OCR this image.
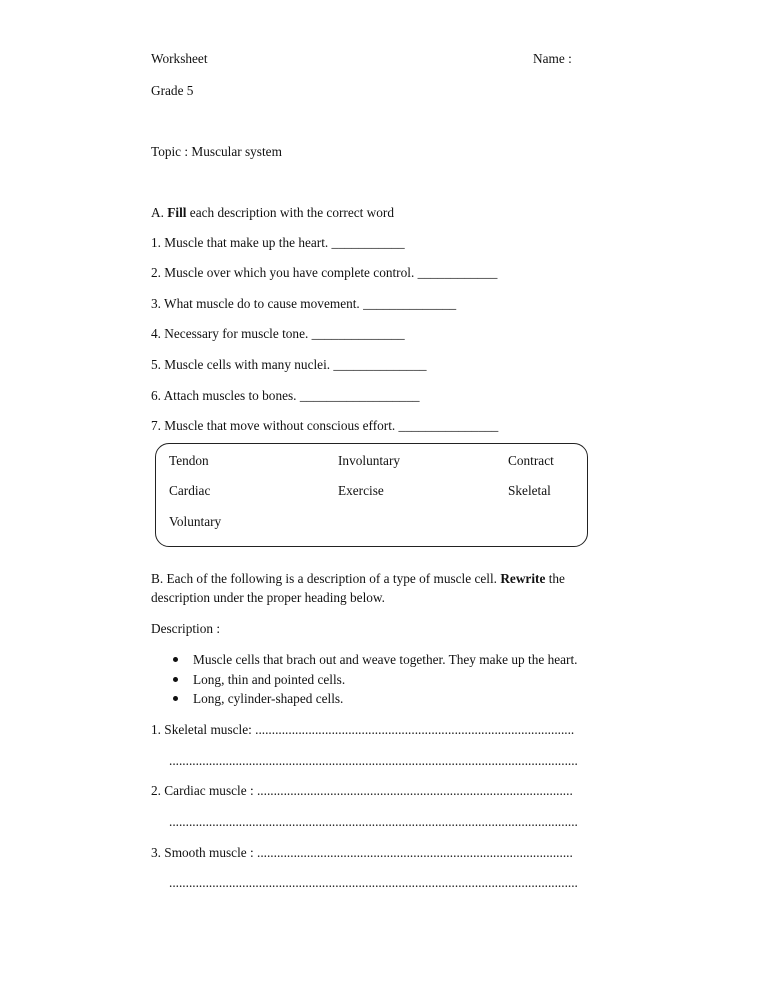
Worksheet	Name :
Grade 5
Topic : Muscular system
A. Fill each description with the correct word
1. Muscle that make up the heart. ___________
2. Muscle over which you have complete control. ____________
3. What muscle do to cause movement. ______________
4. Necessary for muscle tone. ______________
5. Muscle cells with many nuclei. ______________
6. Attach muscles to bones. __________________
7. Muscle that move without conscious effort. _______________
Tendon	Involuntary	Contract
Cardiac	Exercise	Skeletal
Voluntary
B. Each of the following is a description of a type of muscle cell. Rewrite the
description under the proper heading below.
Description :
Muscle cells that brach out and weave together. They make up the heart.
Long, thin and pointed cells.
Long, cylinder-shaped cells.
1. Skeletal muscle: ................................................................................................
...........................................................................................................................
2. Cardiac muscle : ...............................................................................................
...........................................................................................................................
3. Smooth muscle : ...............................................................................................
...........................................................................................................................
